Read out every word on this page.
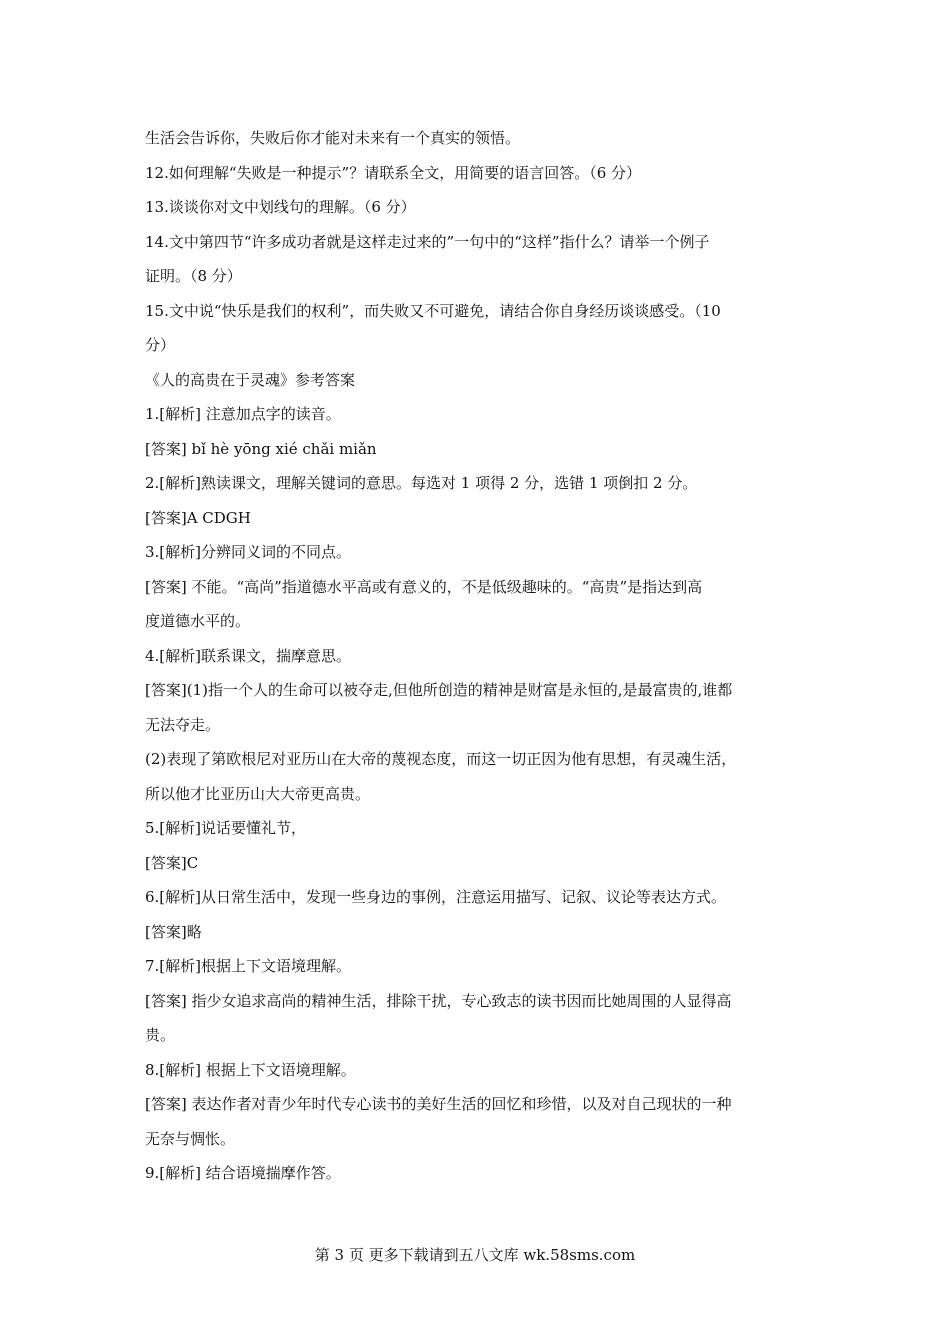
生活会告诉你，失败后你才能对未来有一个真实的领悟。
12.如何理解“失败是一种提示”？请联系全文，用简要的语言回答。（6 分）
13.谈谈你对文中划线句的理解。（6 分）
14.文中第四节“许多成功者就是这样走过来的”一句中的“这样”指什么？请举一个例子
证明。（8 分）
15.文中说“快乐是我们的权利”，而失败又不可避免，请结合你自身经历谈谈感受。（10
分）
《人的高贵在于灵魂》参考答案
1.[解析] 注意加点字的读音。
[答案] bǐ hè yōng xié chǎi miǎn
2.[解析]熟读课文，理解关键词的意思。每选对 1 项得 2 分，选错 1 项倒扣 2 分。
[答案]A CDGH
3.[解析]分辨同义词的不同点。
[答案] 不能。“高尚”指道德水平高或有意义的，不是低级趣味的。“高贵”是指达到高
度道德水平的。
4.[解析]联系课文，揣摩意思。
[答案](1)指一个人的生命可以被夺走,但他所创造的精神是财富是永恒的,是最富贵的,谁都
无法夺走。
(2)表现了第欧根尼对亚历山在大帝的蔑视态度，而这一切正因为他有思想，有灵魂生活，
所以他才比亚历山大大帝更高贵。
5.[解析]说话要懂礼节，
[答案]C
6.[解析]从日常生活中，发现一些身边的事例，注意运用描写、记叙、议论等表达方式。
[答案]略
7.[解析]根据上下文语境理解。
[答案] 指少女追求高尚的精神生活，排除干扰，专心致志的读书因而比她周围的人显得高
贵。
8.[解析] 根据上下文语境理解。
[答案] 表达作者对青少年时代专心读书的美好生活的回忆和珍惜，以及对自己现状的一种
无奈与惆怅。
9.[解析] 结合语境揣摩作答。
第 3 页 更多下载请到五八文库 wk.58sms.com
